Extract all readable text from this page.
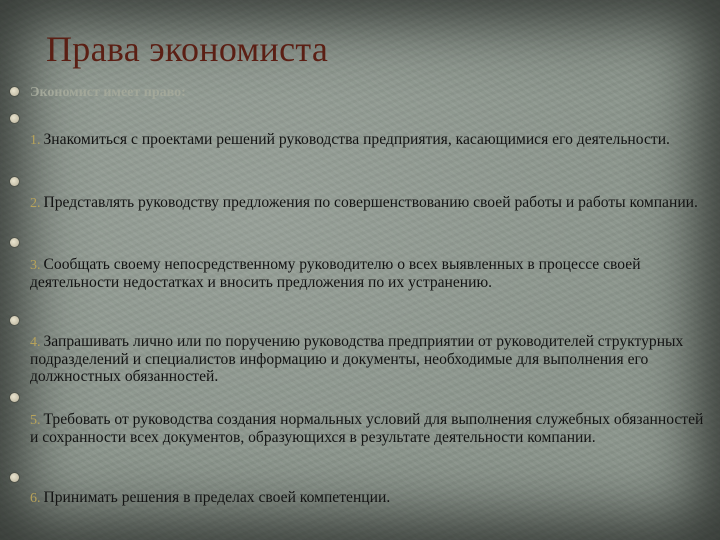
Права экономиста
Экономист имеет право:
1. Знакомиться с проектами решений руководства предприятия, касающимися его деятельности.
2. Представлять руководству предложения по совершенствованию своей работы и работы компании.
3. Сообщать своему непосредственному руководителю о всех выявленных в процессе своей деятельности недостатках и вносить предложения по их устранению.
4. Запрашивать лично или по поручению руководства предприятии от руководителей структурных подразделений и специалистов информацию и документы, необходимые для выполнения его должностных обязанностей.
5. Требовать от руководства создания нормальных условий для выполнения служебных обязанностей и сохранности всех документов, образующихся в результате деятельности компании.
6. Принимать решения в пределах своей компетенции.
